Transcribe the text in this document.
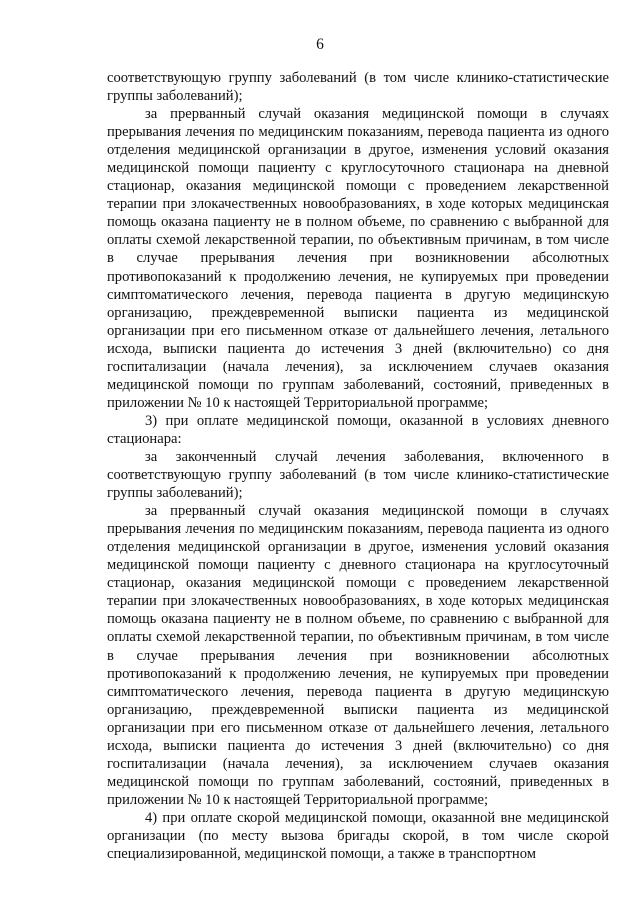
6

соответствующую группу заболеваний (в том числе клинико-статистические группы заболеваний);

за прерванный случай оказания медицинской помощи в случаях прерывания лечения по медицинским показаниям, перевода пациента из одного отделения медицинской организации в другое, изменения условий оказания медицинской помощи пациенту с круглосуточного стационара на дневной стационар, оказания медицинской помощи с проведением лекарственной терапии при злокачественных новообразованиях, в ходе которых медицинская помощь оказана пациенту не в полном объеме, по сравнению с выбранной для оплаты схемой лекарственной терапии, по объективным причинам, в том числе в случае прерывания лечения при возникновении абсолютных противопоказаний к продолжению лечения, не купируемых при проведении симптоматического лечения, перевода пациента в другую медицинскую организацию, преждевременной выписки пациента из медицинской организации при его письменном отказе от дальнейшего лечения, летального исхода, выписки пациента до истечения 3 дней (включительно) со дня госпитализации (начала лечения), за исключением случаев оказания медицинской помощи по группам заболеваний, состояний, приведенных в приложении № 10 к настоящей Территориальной программе;

3) при оплате медицинской помощи, оказанной в условиях дневного стационара:

за законченный случай лечения заболевания, включенного в соответствующую группу заболеваний (в том числе клинико-статистические группы заболеваний);

за прерванный случай оказания медицинской помощи в случаях прерывания лечения по медицинским показаниям, перевода пациента из одного отделения медицинской организации в другое, изменения условий оказания медицинской помощи пациенту с дневного стационара на круглосуточный стационар, оказания медицинской помощи с проведением лекарственной терапии при злокачественных новообразованиях, в ходе которых медицинская помощь оказана пациенту не в полном объеме, по сравнению с выбранной для оплаты схемой лекарственной терапии, по объективным причинам, в том числе в случае прерывания лечения при возникновении абсолютных противопоказаний к продолжению лечения, не купируемых при проведении симптоматического лечения, перевода пациента в другую медицинскую организацию, преждевременной выписки пациента из медицинской организации при его письменном отказе от дальнейшего лечения, летального исхода, выписки пациента до истечения 3 дней (включительно) со дня госпитализации (начала лечения), за исключением случаев оказания медицинской помощи по группам заболеваний, состояний, приведенных в приложении № 10 к настоящей Территориальной программе;

4) при оплате скорой медицинской помощи, оказанной вне медицинской организации (по месту вызова бригады скорой, в том числе скорой специализированной, медицинской помощи, а также в транспортном
